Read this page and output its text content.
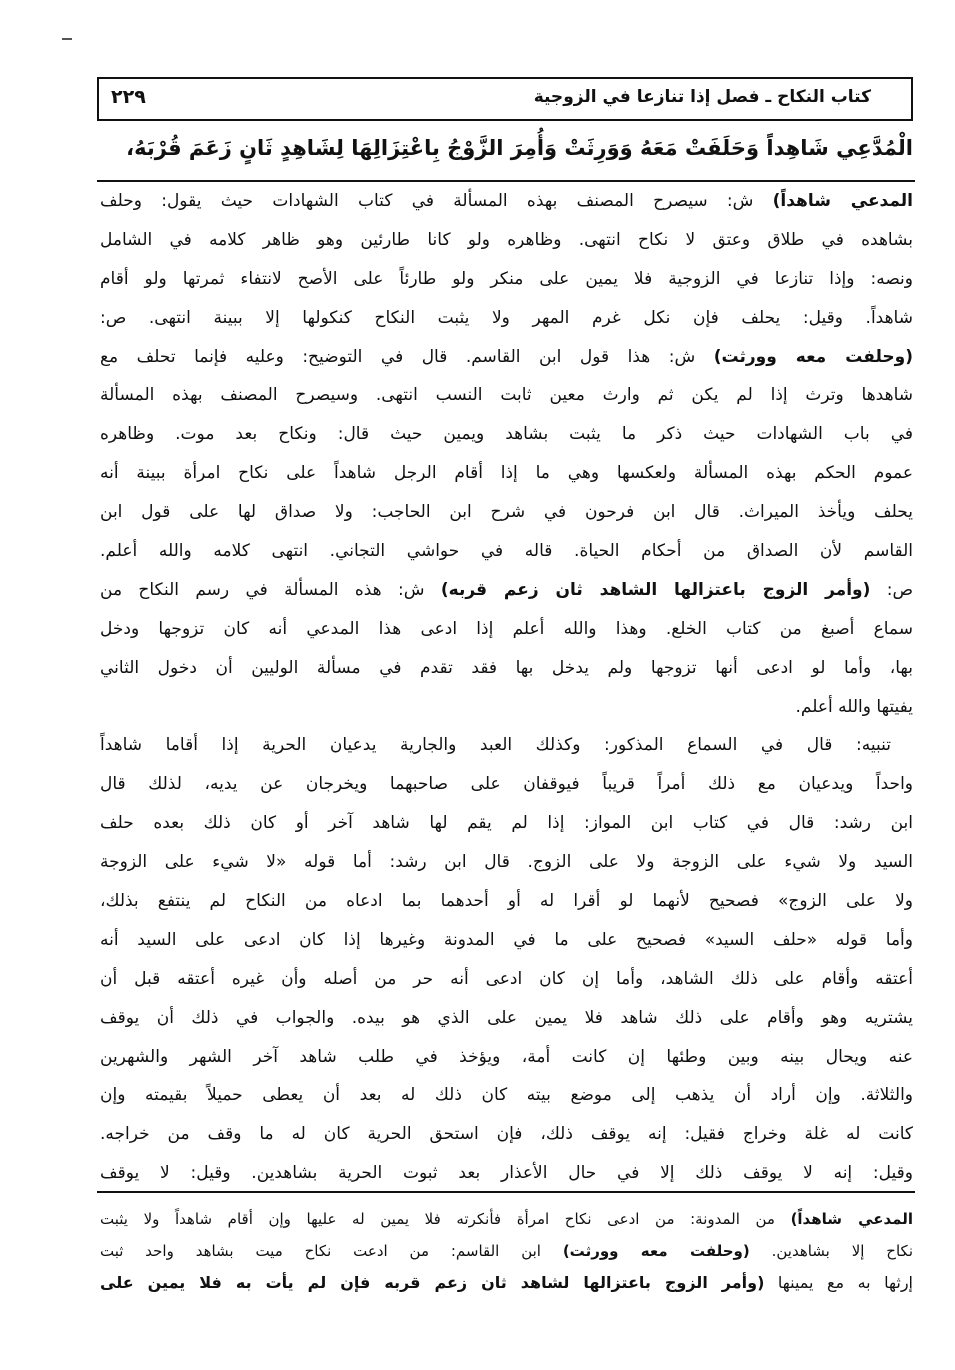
كتاب النكاح ـ فصل إذا تنازعا في الزوجية
٢٢٩
الْمُدَّعِي شَاهِداً وَحَلَفَتْ مَعَهُ وَوَرِثَتْ وَأُمِرَ الزَّوْجُ بِاعْتِزَالِهَا لِشَاهِدٍ ثَانٍ زَعَمَ قُرْبَهُ،
المدعي شاهداً) ش: سيصرح المصنف بهذه المسألة في كتاب الشهادات حيث يقول: وحلف
بشاهده في طلاق وعتق لا نكاح انتهى. وظاهره ولو كانا طارئين وهو ظاهر كلامه في الشامل
ونصه: وإذا تنازعا في الزوجية فلا يمين على منكر ولو طارئاً على الأصح لانتفاء ثمرتها ولو أقام
شاهداً. وقيل: يحلف فإن نكل غرم المهر ولا يثبت النكاح كنكولها إلا ببينة انتهى. ص:
(وحلفت معه وورثت) ش: هذا قول ابن القاسم. قال في التوضيح: وعليه فإنما تحلف مع
شاهدها وترث إذا لم يكن ثم وارث معين ثابت النسب انتهى. وسيصرح المصنف بهذه المسألة
في باب الشهادات حيث ذكر ما يثبت بشاهد ويمين حيث قال: ونكاح بعد موت. وظاهره
عموم الحكم بهذه المسألة ولعكسها وهي ما إذا أقام الرجل شاهداً على نكاح امرأة ببينة أنه
يحلف ويأخذ الميراث. قال ابن فرحون في شرح ابن الحاجب: ولا صداق لها على قول ابن
القاسم لأن الصداق من أحكام الحياة. قاله في حواشي التجاني. انتهى كلامه والله أعلم.
ص: (وأمر الزوج باعتزالها الشاهد ثان زعم قربه) ش: هذه المسألة في رسم النكاح من
سماع أصبغ من كتاب الخلع. وهذا والله أعلم إذا ادعى هذا المدعي أنه كان تزوجها ودخل
بها، وأما لو ادعى أنها تزوجها ولم يدخل بها فقد تقدم في مسألة الوليين أن دخول الثاني
يفيتها والله أعلم.
تنبيه: قال في السماع المذكور: وكذلك العبد والجارية يدعيان الحرية إذا أقاما شاهداً
واحداً ويدعيان مع ذلك أمراً قريباً فيوقفان على صاحبهما ويخرجان عن يديه، لذلك قال
ابن رشد: قال في كتاب ابن المواز: إذا لم يقم لها شاهد آخر أو كان ذلك بعده حلف
السيد ولا شيء على الزوجة ولا على الزوج. قال ابن رشد: أما قوله «لا شيء على الزوجة
ولا على الزوج» فصحيح لأنهما لو أقرا له أو أحدهما بما ادعاه من النكاح لم ينتفع بذلك،
وأما قوله «حلف السيد» فصحيح على ما في المدونة وغيرها إذا كان ادعى على السيد أنه
أعتقه وأقام على ذلك الشاهد، وأما إن كان ادعى أنه حر من أصله وأن غيره أعتقه قبل أن
يشتريه وهو وأقام على ذلك شاهد فلا يمين على الذي هو بيده. والجواب في ذلك أن يوقف
عنه ويحال بينه وبين وطئها إن كانت أمة، ويؤخذ في طلب شاهد آخر الشهر والشهرين
والثلاثة. وإن أراد أن يذهب إلى موضع بيته كان ذلك له بعد أن يعطى حميلاً بقيمته وإن
كانت له غلة وخراج فقيل: إنه يوقف ذلك، فإن استحق الحرية كان له ما وقف من خراجه.
وقيل: إنه لا يوقف ذلك إلا في حال الأعذار بعد ثبوت الحرية بشاهدين. وقيل: لا يوقف
المدعي شاهداً) من المدونة: من ادعى نكاح امرأة فأنكرته فلا يمين له عليها وإن أقام شاهداً ولا يثبت
نكاح إلا بشاهدين. (وحلفت معه وورثت) ابن القاسم: من ادعت نكاح ميت بشاهد واحد ثبت
إرثها به مع يمينها (وأمر الزوج باعتزالها لشاهد ثان زعم قربه فإن لم يأت به فلا يمين على
